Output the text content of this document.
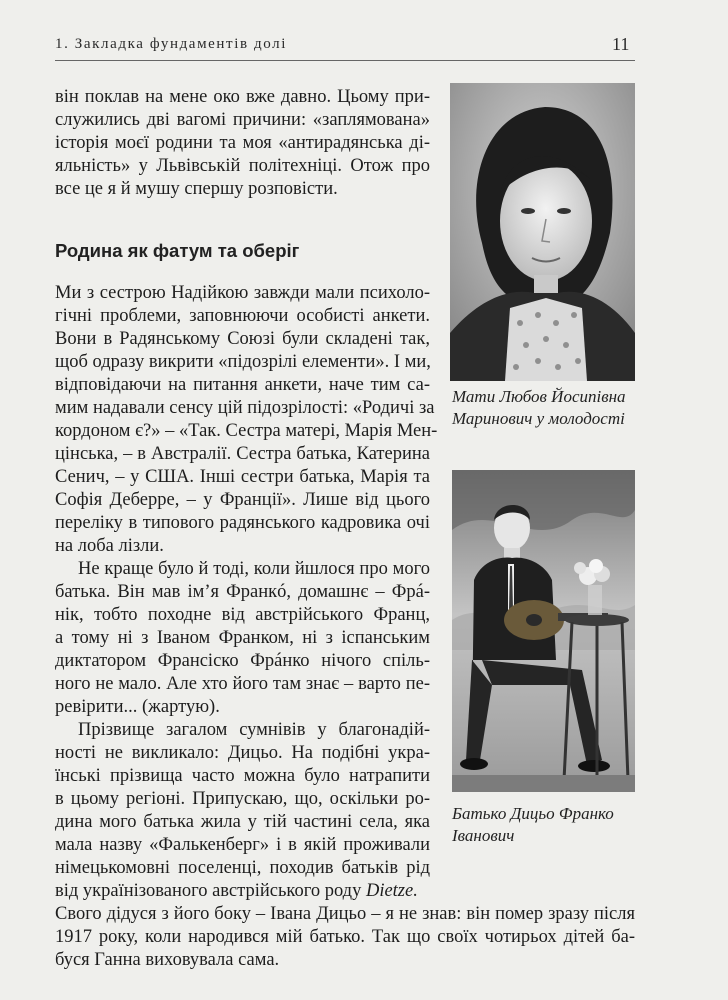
1. Закладка фундаментів долі	11

він поклав на мене око вже давно. Цьому при-

служились дві вагомі причини: «заплямована»

історія моєї родини та моя «антирадянська ді-

яльність» у Львівській політехніці. Отож про

все це я й мушу спершу розповісти.

Родина як фатум та оберіг

Ми з сестрою Надійкою завжди мали психоло-

гічні проблеми, заповнюючи особисті анкети.

Вони в Радянському Союзі були складені так,

щоб одразу викрити «підозрілі елементи». І ми,

відповідаючи на питання анкети, наче тим са-

мим надавали сенсу цій підозрілості: «Родичі за

кордоном є?» – «Так. Сестра матері, Марія Мен-

цінська, – в Австралії. Сестра батька, Катерина

Сенич, – у США. Інші сестри батька, Марія та

Софія Деберре, – у Франції». Лише від цього

переліку в типового радянського кадровика очі

на лоба лізли.

Не краще було й тоді, коли йшлося про мого

батька. Він мав ім’я Франкó, домашнє – Фрá-

нік, тобто походне від австрійського Франц,

а тому ні з Іваном Франком, ні з іспанським

диктатором Франсіско Фрáнко нічого спіль-

ного не мало. Але хто його там знає – варто пе-

ревірити... (жартую).

Прізвище загалом сумнівів у благонадій-

ності не викликало: Дицьо. На подібні укра-

їнські прізвища часто можна було натрапити

в цьому регіоні. Припускаю, що, оскільки ро-

дина мого батька жила у тій частині села, яка

мала назву «Фалькенберг» і в якій проживали

німецькомовні поселенці, походив батьків рід

від українізованого австрійського роду Dietze.

Свого дідуся з його боку – Івана Дицьо – я не знав: він помер зразу після

1917 року, коли народився мій батько. Так що своїх чотирьох дітей ба-

буся Ганна виховувала сама.

Мати Любов Йосипівна
Маринович у молодості
Батько Дицьо Франко
Іванович
